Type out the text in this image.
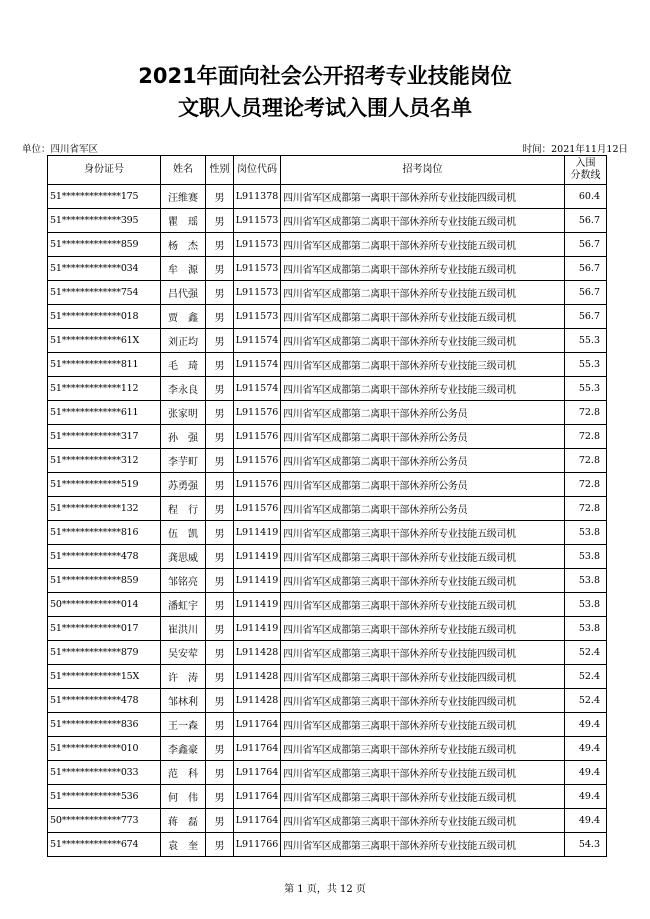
2021年面向社会公开招考专业技能岗位
文职人员理论考试入围人员名单
单位：四川省军区	时间：2021年11月12日
身份证号	姓名	性别	岗位代码	招考岗位	入围
分数线

51*************175	汪维赛	男	L911378	四川省军区成都第一离职干部休养所专业技能四级司机	60.4
51*************395	瞿　瑶	男	L911573	四川省军区成都第二离职干部休养所专业技能五级司机	56.7
51*************859	杨　杰	男	L911573	四川省军区成都第二离职干部休养所专业技能五级司机	56.7
51*************034	牟　源	男	L911573	四川省军区成都第二离职干部休养所专业技能五级司机	56.7
51*************754	吕代强	男	L911573	四川省军区成都第二离职干部休养所专业技能五级司机	56.7
51*************018	贾　鑫	男	L911573	四川省军区成都第二离职干部休养所专业技能五级司机	56.7
51*************61X	刘正均	男	L911574	四川省军区成都第二离职干部休养所专业技能三级司机	55.3
51*************811	毛　琦	男	L911574	四川省军区成都第二离职干部休养所专业技能三级司机	55.3
51*************112	李永良	男	L911574	四川省军区成都第二离职干部休养所专业技能三级司机	55.3
51*************611	张家明	男	L911576	四川省军区成都第二离职干部休养所公务员	72.8
51*************317	孙　强	男	L911576	四川省军区成都第二离职干部休养所公务员	72.8
51*************312	李芋町	男	L911576	四川省军区成都第二离职干部休养所公务员	72.8
51*************519	苏勇强	男	L911576	四川省军区成都第二离职干部休养所公务员	72.8
51*************132	程　行	男	L911576	四川省军区成都第二离职干部休养所公务员	72.8
51*************816	伍　凯	男	L911419	四川省军区成都第三离职干部休养所专业技能五级司机	53.8
51*************478	龚思威	男	L911419	四川省军区成都第三离职干部休养所专业技能五级司机	53.8
51*************859	邹铭亮	男	L911419	四川省军区成都第三离职干部休养所专业技能五级司机	53.8
50*************014	潘虹宇	男	L911419	四川省军区成都第三离职干部休养所专业技能五级司机	53.8
51*************017	崔洪川	男	L911419	四川省军区成都第三离职干部休养所专业技能五级司机	53.8
51*************879	吴安荤	男	L911428	四川省军区成都第三离职干部休养所专业技能四级司机	52.4
51*************15X	许　涛	男	L911428	四川省军区成都第三离职干部休养所专业技能四级司机	52.4
51*************478	邹林利	男	L911428	四川省军区成都第三离职干部休养所专业技能四级司机	52.4
51*************836	王一森	男	L911764	四川省军区成都第三离职干部休养所专业技能五级司机	49.4
51*************010	李鑫豪	男	L911764	四川省军区成都第三离职干部休养所专业技能五级司机	49.4
51*************033	范　科	男	L911764	四川省军区成都第三离职干部休养所专业技能五级司机	49.4
51*************536	何　伟	男	L911764	四川省军区成都第三离职干部休养所专业技能五级司机	49.4
50*************773	蒋　磊	男	L911764	四川省军区成都第三离职干部休养所专业技能五级司机	49.4
51*************674	袁　奎	男	L911766	四川省军区成都第三离职干部休养所专业技能五级司机	54.3
第 1 页，共 12 页
